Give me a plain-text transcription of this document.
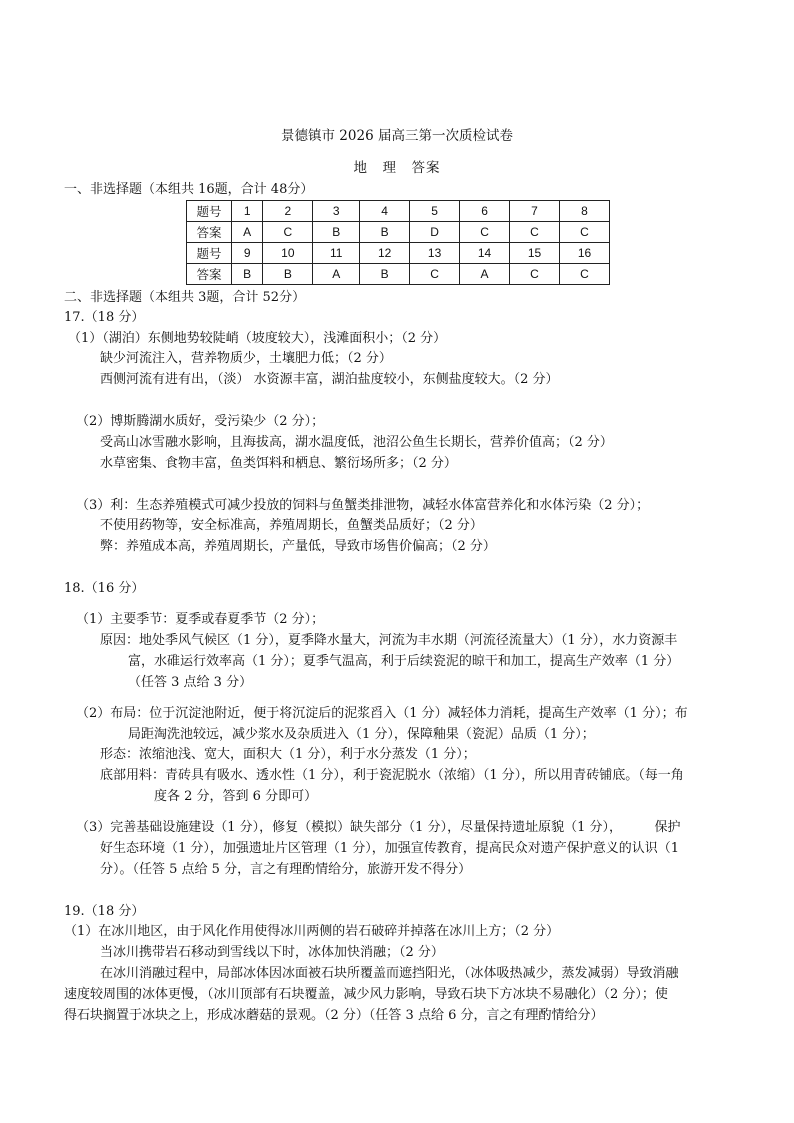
景德镇市 2026 届高三第一次质检试卷
地　理　答案
一、非选择题（本组共 16题，合计 48分）
题号	1	2	3	4	5	6	7	8
答案	A	C	B	B	D	C	C	C
题号	9	10	11	12	13	14	15	16
答案	B	B	A	B	C	A	C	C
二、非选择题（本组共 3题，合计 52分）
17.（18 分）
（1）（湖泊）东侧地势较陡峭（坡度较大），浅滩面积小；（2 分）
缺少河流注入，营养物质少，土壤肥力低；（2 分）
西侧河流有进有出，（淡） 水资源丰富，湖泊盐度较小，东侧盐度较大。（2 分）
（2）博斯腾湖水质好，受污染少（2 分）；
受高山冰雪融水影响，且海拔高，湖水温度低，池沼公鱼生长期长，营养价值高；（2 分）
水草密集、食物丰富，鱼类饵料和栖息、繁衍场所多；（2 分）
（3）利：生态养殖模式可减少投放的饲料与鱼蟹类排泄物，减轻水体富营养化和水体污染（2 分）；
不使用药物等，安全标准高，养殖周期长，鱼蟹类品质好；（2 分）
弊：养殖成本高，养殖周期长，产量低，导致市场售价偏高；（2 分）
18.（16 分）
（1）主要季节：夏季或春夏季节（2 分）；
原因：地处季风气候区（1 分），夏季降水量大，河流为丰水期（河流径流量大）（1 分），水力资源丰
富，水碓运行效率高（1 分）；夏季气温高，利于后续瓷泥的晾干和加工，提高生产效率（1 分）
（任答 3 点给 3 分）
（2）布局：位于沉淀池附近，便于将沉淀后的泥浆舀入（1 分）减轻体力消耗，提高生产效率（1 分）；布
局距淘洗池较远，减少浆水及杂质进入（1 分），保障釉果（瓷泥）品质（1 分）；
形态：浓缩池浅、宽大，面积大（1 分），利于水分蒸发（1 分）；
底部用料：青砖具有吸水、透水性（1 分），利于瓷泥脱水（浓缩）（1 分），所以用青砖铺底。（每一角
度各 2 分，答到 6 分即可）
（3）完善基础设施建设（1 分），修复（模拟）缺失部分（1 分），尽量保持遗址原貌（1 分），　　　保护
好生态环境（1 分），加强遗址片区管理（1 分），加强宣传教育，提高民众对遗产保护意义的认识（1
分）。（任答 5 点给 5 分，言之有理酌情给分，旅游开发不得分）
19.（18 分）
（1）在冰川地区，由于风化作用使得冰川两侧的岩石破碎并掉落在冰川上方；（2 分）
当冰川携带岩石移动到雪线以下时，冰体加快消融；（2 分）
在冰川消融过程中，局部冰体因冰面被石块所覆盖而遮挡阳光，（冰体吸热减少，蒸发减弱）导致消融
速度较周围的冰体更慢，（冰川顶部有石块覆盖，减少风力影响，导致石块下方冰块不易融化）（2 分）；使
得石块搁置于冰块之上，形成冰蘑菇的景观。（2 分）（任答 3 点给 6 分，言之有理酌情给分）
